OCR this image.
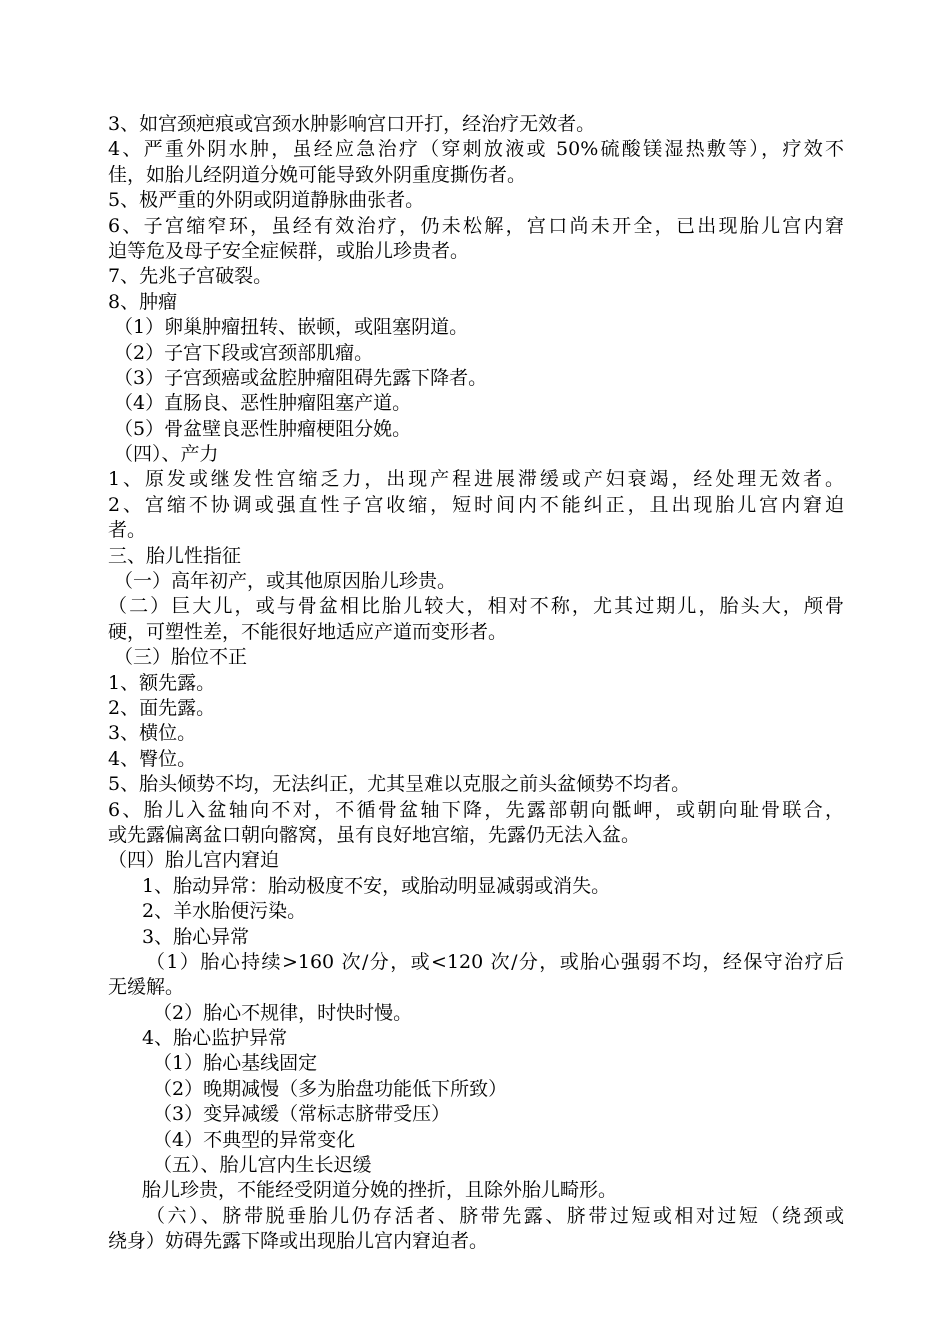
3、如宫颈疤痕或宫颈水肿影响宫口开打，经治疗无效者。
4、严重外阴水肿，虽经应急治疗（穿刺放液或 50%硫酸镁湿热敷等），疗效不
佳，如胎儿经阴道分娩可能导致外阴重度撕伤者。
5、极严重的外阴或阴道静脉曲张者。
6、子宫缩窄环，虽经有效治疗，仍未松解，宫口尚未开全，已出现胎儿宫内窘
迫等危及母子安全症候群，或胎儿珍贵者。
7、先兆子宫破裂。
8、肿瘤
（1）卵巢肿瘤扭转、嵌顿，或阻塞阴道。
（2）子宫下段或宫颈部肌瘤。
（3）子宫颈癌或盆腔肿瘤阻碍先露下降者。
（4）直肠良、恶性肿瘤阻塞产道。
（5）骨盆壁良恶性肿瘤梗阻分娩。
（四）、产力
1、原发或继发性宫缩乏力，出现产程进展滞缓或产妇衰竭，经处理无效者。
2、宫缩不协调或强直性子宫收缩，短时间内不能纠正，且出现胎儿宫内窘迫
者。
三、胎儿性指征
（一）高年初产，或其他原因胎儿珍贵。
（二）巨大儿，或与骨盆相比胎儿较大，相对不称，尤其过期儿，胎头大，颅骨
硬，可塑性差，不能很好地适应产道而变形者。
（三）胎位不正
1、额先露。
2、面先露。
3、横位。
4、臀位。
5、胎头倾势不均，无法纠正，尤其呈难以克服之前头盆倾势不均者。
6、胎儿入盆轴向不对，不循骨盆轴下降，先露部朝向骶岬，或朝向耻骨联合，
或先露偏离盆口朝向髂窝，虽有良好地宫缩，先露仍无法入盆。
（四）胎儿宫内窘迫
1、胎动异常：胎动极度不安，或胎动明显减弱或消失。
2、羊水胎便污染。
3、胎心异常
（1）胎心持续>160 次/分，或<120 次/分，或胎心强弱不均，经保守治疗后
无缓解。
（2）胎心不规律，时快时慢。
4、胎心监护异常
（1）胎心基线固定
（2）晚期减慢（多为胎盘功能低下所致）
（3）变异减缓（常标志脐带受压）
（4）不典型的异常变化
（五）、胎儿宫内生长迟缓
胎儿珍贵，不能经受阴道分娩的挫折，且除外胎儿畸形。
（六）、脐带脱垂胎儿仍存活者、脐带先露、脐带过短或相对过短（绕颈或
绕身）妨碍先露下降或出现胎儿宫内窘迫者。
